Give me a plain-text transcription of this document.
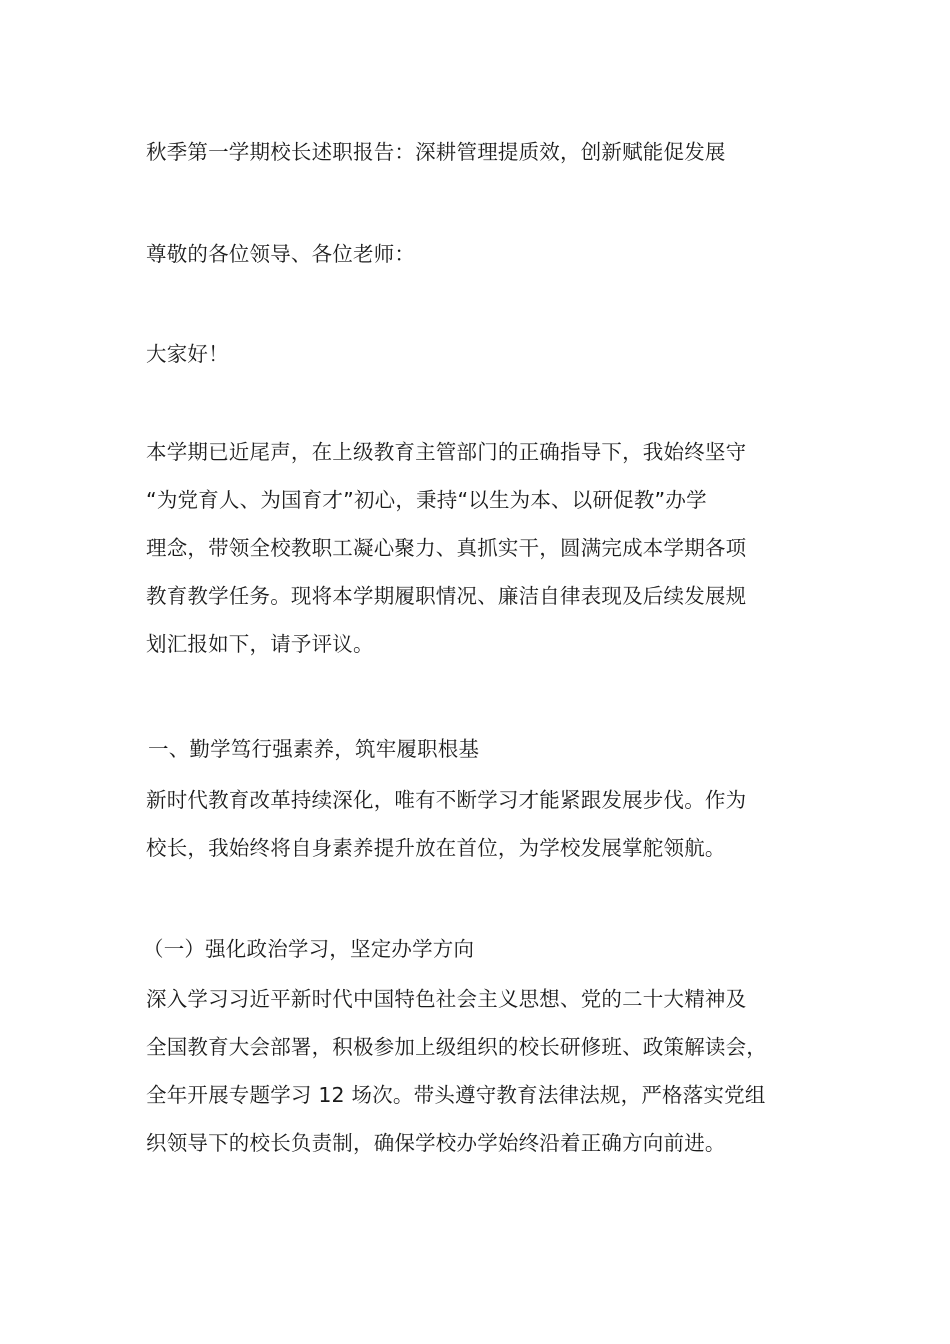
秋季第一学期校长述职报告：深耕管理提质效，创新赋能促发展
尊敬的各位领导、各位老师：
大家好！
本学期已近尾声，在上级教育主管部门的正确指导下，我始终坚守
“为党育人、为国育才”初心，秉持“以生为本、以研促教”办学
理念，带领全校教职工凝心聚力、真抓实干，圆满完成本学期各项
教育教学任务。现将本学期履职情况、廉洁自律表现及后续发展规
划汇报如下，请予评议。
一、勤学笃行强素养，筑牢履职根基
新时代教育改革持续深化，唯有不断学习才能紧跟发展步伐。作为
校长，我始终将自身素养提升放在首位，为学校发展掌舵领航。
（一）强化政治学习，坚定办学方向
深入学习习近平新时代中国特色社会主义思想、党的二十大精神及
全国教育大会部署，积极参加上级组织的校长研修班、政策解读会，
全年开展专题学习 12 场次。带头遵守教育法律法规，严格落实党组
织领导下的校长负责制，确保学校办学始终沿着正确方向前进。
